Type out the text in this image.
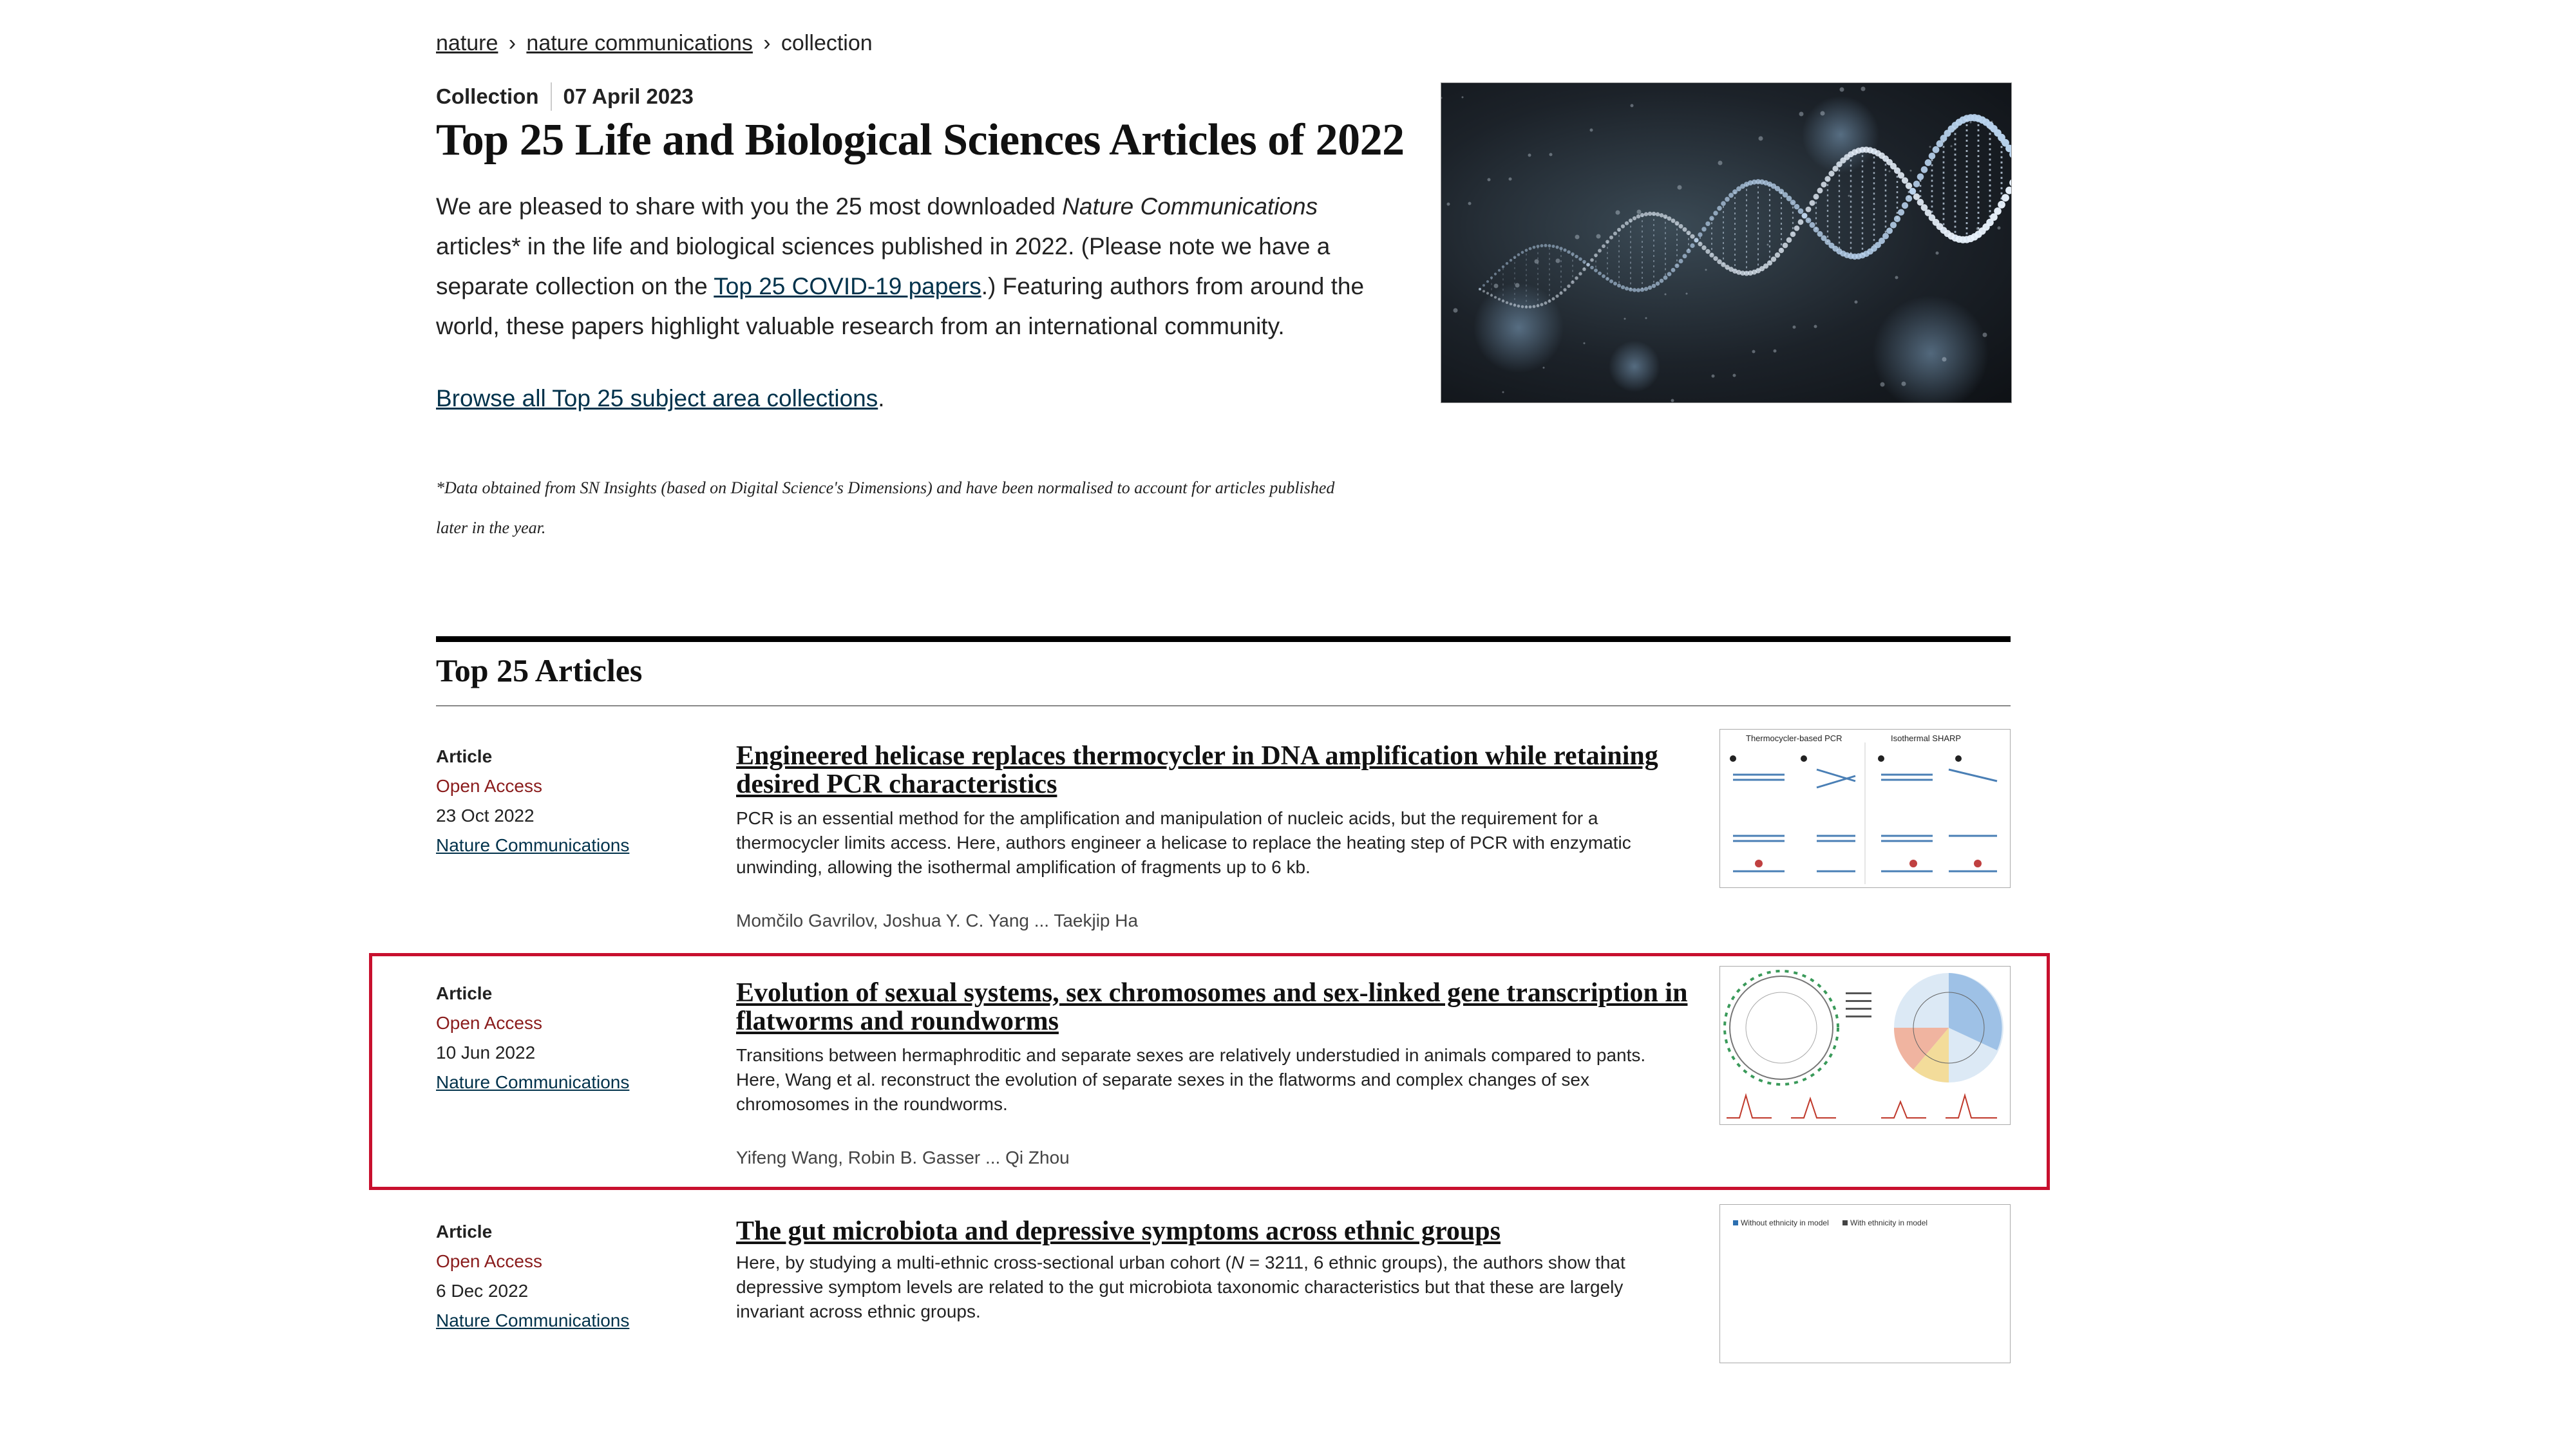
nature › nature communications › collection
Collection 07 April 2023
Top 25 Life and Biological Sciences Articles of 2022

We are pleased to share with you the 25 most downloaded Nature Communications articles* in the life and biological sciences published in 2022. (Please note we have a separate collection on the Top 25 COVID-19 papers.) Featuring authors from around the world, these papers highlight valuable research from an international community.

Browse all Top 25 subject area collections.

*Data obtained from SN Insights (based on Digital Science's Dimensions) and have been normalised to account for articles published later in the year.

Top 25 Articles
Article
Open Access
23 Oct 2022
Nature Communications
Engineered helicase replaces thermocycler in DNA amplification while retaining desired PCR characteristics

PCR is an essential method for the amplification and manipulation of nucleic acids, but the requirement for a thermocycler limits access. Here, authors engineer a helicase to replace the heating step of PCR with enzymatic unwinding, allowing the isothermal amplification of fragments up to 6 kb.

Momčilo Gavrilov, Joshua Y. C. Yang ... Taekjip Ha
Thermocycler-based PCR	Isothermal SHARP
Article
Open Access
10 Jun 2022
Nature Communications
Evolution of sexual systems, sex chromosomes and sex-linked gene transcription in flatworms and roundworms

Transitions between hermaphroditic and separate sexes are relatively understudied in animals compared to pants. Here, Wang et al. reconstruct the evolution of separate sexes in the flatworms and complex changes of sex chromosomes in the roundworms.

Yifeng Wang, Robin B. Gasser ... Qi Zhou
Article
Open Access
6 Dec 2022
Nature Communications
The gut microbiota and depressive symptoms across ethnic groups

Here, by studying a multi-ethnic cross-sectional urban cohort (N = 3211, 6 ethnic groups), the authors show that depressive symptom levels are related to the gut microbiota taxonomic characteristics but that these are largely invariant across ethnic groups.

Without ethnicity in model	With ethnicity in model
